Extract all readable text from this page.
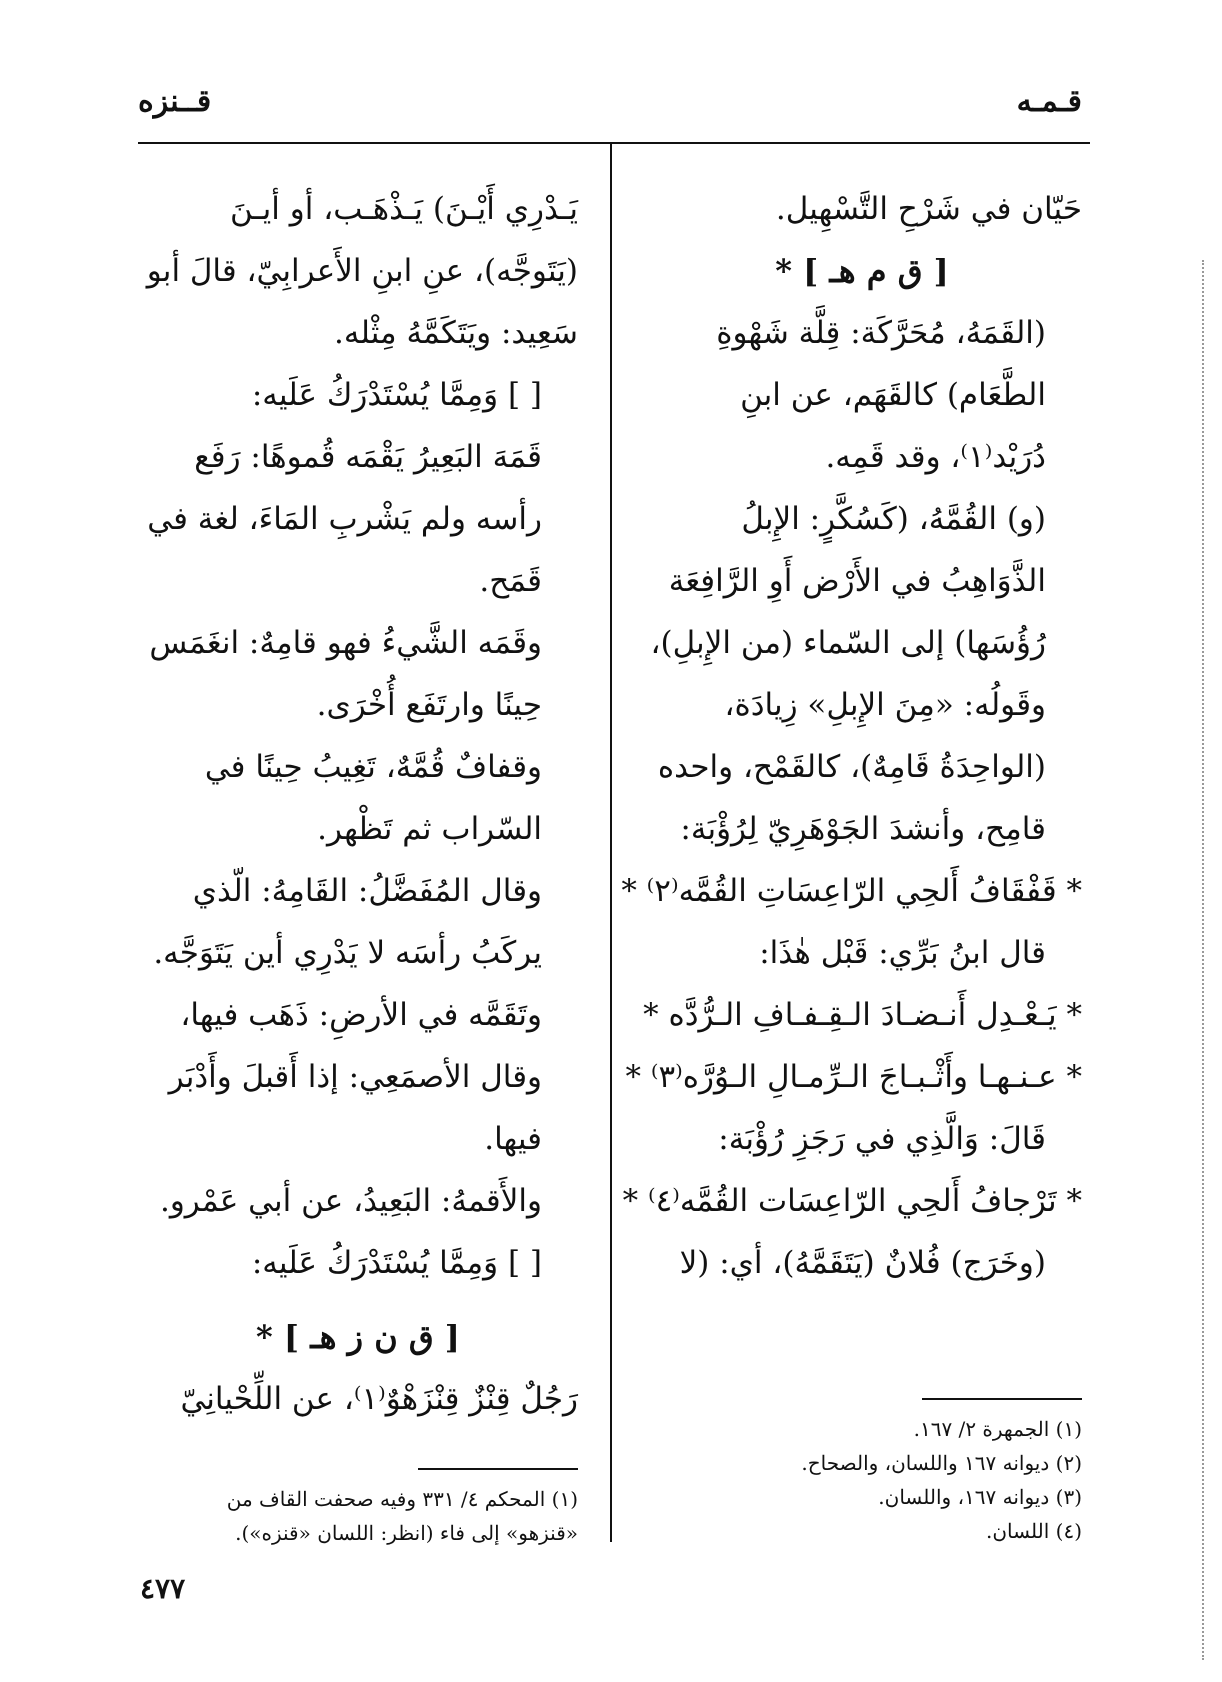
قـمـه
قــنزه

حَيّان في شَرْحِ التَّسْهِيل.

[ ق م هـ ] *

(القَمَهُ، مُحَرَّكَة: قِلَّة شَهْوةِ الطَّعَام) كالقَهَم، عن ابنِ دُرَيْد⁽١⁾، وقد قَمِه.

(و) القُمَّهُ، (كَسُكَّرٍ: الإِبلُ الذَّوَاهِبُ في الأَرْض أَوِ الرَّافِعَة رُؤُسَها) إلى السّماء (من الإِبلِ)، وقَولُه: «مِنَ الإِبلِ» زِيادَة، (الواحِدَةُ قَامِهٌ)، كالقَمْح، واحده قامِح، وأنشدَ الجَوْهَرِيّ لِرُؤْبَة:

* قَفْقَافُ أَلحِي الرّاعِسَاتِ القُمَّه⁽٢⁾ *

قال ابنُ بَرِّي: قَبْل هٰذَا:

* يَـعْـدِل أَنـضـادَ الـقِـفـافِ الـرُّدَّه *

* عـنـهـا وأَثْـبـاجَ الـرِّمـالِ الـوُرَّه⁽٣⁾ *

قَالَ: وَالَّذِي في رَجَزِ رُؤْبَة:

* تَرْجافُ أَلحِي الرّاعِسَات القُمَّه⁽٤⁾ *

(وخَرَج) فُلانٌ (يَتَقَمَّهُ)، أي: (لا

يَـدْرِي أَيْـنَ) يَـذْهَـب، أو أيـنَ (يَتَوجَّه)، عنِ ابنِ الأَعرابِيّ، قالَ أبو سَعِيد: ويَتَكَمَّهُ مِثْله.

[ ] وَمِمَّا يُسْتَدْرَكُ عَلَيه:

قَمَهَ البَعِيرُ يَقْمَه قُموهًا: رَفَع رأسه ولم يَشْربِ المَاءَ، لغة في قَمَح.

وقَمَه الشَّيءُ فهو قامِهٌ: انغَمَس حِينًا وارتَفَع أُخْرَى.

وقفافٌ قُمَّهٌ، تَغِيبُ حِينًا في السّراب ثم تَظْهر.

وقال المُفَضَّلُ: القَامِهُ: الّذي يركَبُ رأسَه لا يَدْرِي أين يَتَوَجَّه.

وتَقَمَّه في الأرضِ: ذَهَب فيها، وقال الأصمَعِي: إذا أَقبلَ وأَدْبَر فيها.

والأَقمهُ: البَعِيدُ، عن أبي عَمْرو.

[ ] وَمِمَّا يُسْتَدْرَكُ عَلَيه:

[ ق ن ز هـ ] *

رَجُلٌ قِنْزٌ قِنْزَهْوٌ⁽١⁾، عن اللِّحْيانِيّ

(١) الجمهرة ٢/ ١٦٧.

(٢) ديوانه ١٦٧ واللسان، والصحاح.

(٣) ديوانه ١٦٧، واللسان.

(٤) اللسان.

(١) المحكم ٤/ ٣٣١ وفيه صحفت القاف من

«قنزهو» إلى فاء (انظر: اللسان «قنزه»).

٤٧٧
